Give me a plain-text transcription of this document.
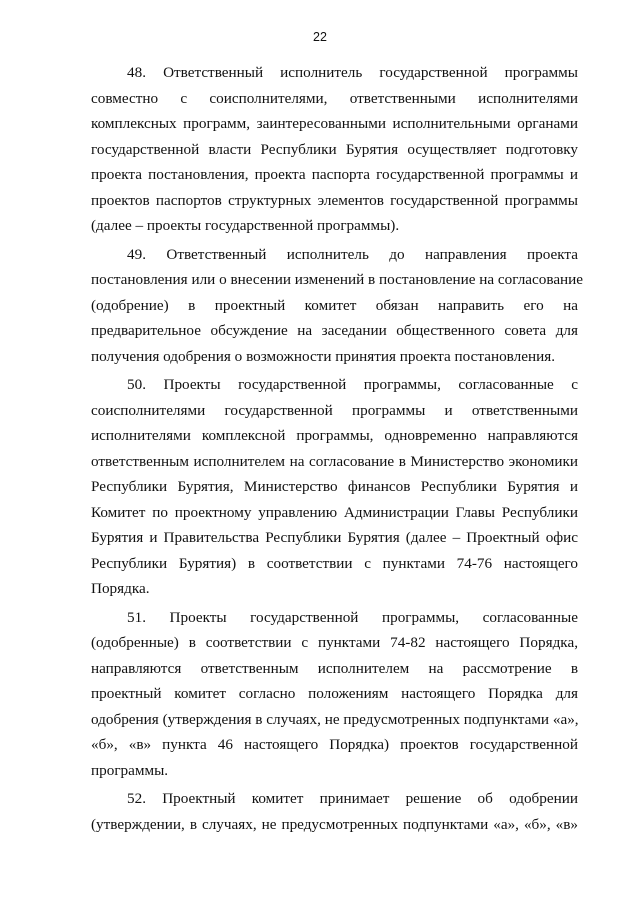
22
48. Ответственный исполнитель государственной программы
совместно с соисполнителями, ответственными исполнителями
комплексных программ, заинтересованными исполнительными органами
государственной власти Республики Бурятия осуществляет подготовку
проекта постановления, проекта паспорта государственной программы и
проектов паспортов структурных элементов государственной программы
(далее – проекты государственной программы).
49. Ответственный исполнитель до направления проекта
постановления или о внесении изменений в постановление на согласование
(одобрение) в проектный комитет обязан направить его на
предварительное обсуждение на заседании общественного совета для
получения одобрения о возможности принятия проекта постановления.
50. Проекты государственной программы, согласованные с
соисполнителями государственной программы и ответственными
исполнителями комплексной программы, одновременно направляются
ответственным исполнителем на согласование в Министерство экономики
Республики Бурятия, Министерство финансов Республики Бурятия и
Комитет по проектному управлению Администрации Главы Республики
Бурятия и Правительства Республики Бурятия (далее – Проектный офис
Республики Бурятия) в соответствии с пунктами 74-76 настоящего
Порядка.
51. Проекты государственной программы, согласованные
(одобренные) в соответствии с пунктами 74-82 настоящего Порядка,
направляются ответственным исполнителем на рассмотрение в
проектный комитет согласно положениям настоящего Порядка для
одобрения (утверждения в случаях, не предусмотренных подпунктами «а»,
«б», «в» пункта 46 настоящего Порядка) проектов государственной
программы.
52. Проектный комитет принимает решение об одобрении
(утверждении, в случаях, не предусмотренных подпунктами «а», «б», «в»
